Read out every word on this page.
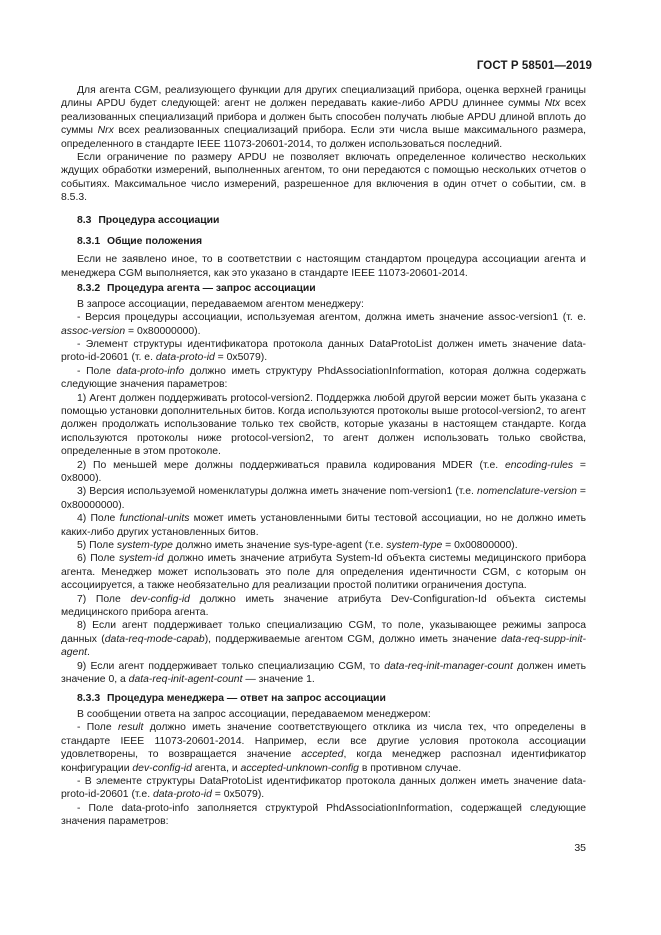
ГОСТ Р 58501—2019

Для агента CGM, реализующего функции для других специализаций прибора, оценка верхней границы длины APDU будет следующей: агент не должен передавать какие-либо APDU длиннее суммы Ntx всех реализованных специализаций прибора и должен быть способен получать любые APDU длиной вплоть до суммы Nrx всех реализованных специализаций прибора. Если эти числа выше максимального размера, определенного в стандарте IEEE 11073-20601-2014, то должен использоваться последний.

Если ограничение по размеру APDU не позволяет включать определенное количество нескольких ждущих обработки измерений, выполненных агентом, то они передаются с помощью нескольких отчетов о событиях. Максимальное число измерений, разрешенное для включения в один отчет о событии, см. в 8.5.3.

8.3 Процедура ассоциации
8.3.1 Общие положения

Если не заявлено иное, то в соответствии с настоящим стандартом процедура ассоциации агента и менеджера CGM выполняется, как это указано в стандарте IEEE 11073-20601-2014.

8.3.2 Процедура агента — запрос ассоциации

В запросе ассоциации, передаваемом агентом менеджеру:

- Версия процедуры ассоциации, используемая агентом, должна иметь значение assoc-version1 (т. е. assoc-version = 0x80000000).

- Элемент структуры идентификатора протокола данных DataProtoList должен иметь значение data-proto-id-20601 (т. е. data-proto-id = 0x5079).

- Поле data-proto-info должно иметь структуру PhdAssociationInformation, которая должна содержать следующие значения параметров:

1) Агент должен поддерживать protocol-version2. Поддержка любой другой версии может быть указана с помощью установки дополнительных битов. Когда используются протоколы выше protocol-version2, то агент должен продолжать использование только тех свойств, которые указаны в настоящем стандарте. Когда используются протоколы ниже protocol-version2, то агент должен использовать только свойства, определенные в этом протоколе.

2) По меньшей мере должны поддерживаться правила кодирования MDER (т.е. encoding-rules = 0x8000).

3) Версия используемой номенклатуры должна иметь значение nom-version1 (т.е. nomenclature-version = 0x80000000).

4) Поле functional-units может иметь установленными биты тестовой ассоциации, но не должно иметь каких-либо других установленных битов.

5) Поле system-type должно иметь значение sys-type-agent (т.е. system-type = 0x00800000).

6) Поле system-id должно иметь значение атрибута System-Id объекта системы медицинского прибора агента. Менеджер может использовать это поле для определения идентичности CGM, с которым он ассоциируется, а также необязательно для реализации простой политики ограничения доступа.

7) Поле dev-config-id должно иметь значение атрибута Dev-Configuration-Id объекта системы медицинского прибора агента.

8) Если агент поддерживает только специализацию CGM, то поле, указывающее режимы запроса данных (data-req-mode-capab), поддерживаемые агентом CGM, должно иметь значение data-req-supp-init-agent.

9) Если агент поддерживает только специализацию CGM, то data-req-init-manager-count должен иметь значение 0, а data-req-init-agent-count — значение 1.

8.3.3 Процедура менеджера — ответ на запрос ассоциации

В сообщении ответа на запрос ассоциации, передаваемом менеджером:

- Поле result должно иметь значение соответствующего отклика из числа тех, что определены в стандарте IEEE 11073-20601-2014. Например, если все другие условия протокола ассоциации удовлетворены, то возвращается значение accepted, когда менеджер распознал идентификатор конфигурации dev-config-id агента, и accepted-unknown-config в противном случае.

- В элементе структуры DataProtoList идентификатор протокола данных должен иметь значение data-proto-id-20601 (т.е. data-proto-id = 0x5079).

- Поле data-proto-info заполняется структурой PhdAssociationInformation, содержащей следующие значения параметров:

35
